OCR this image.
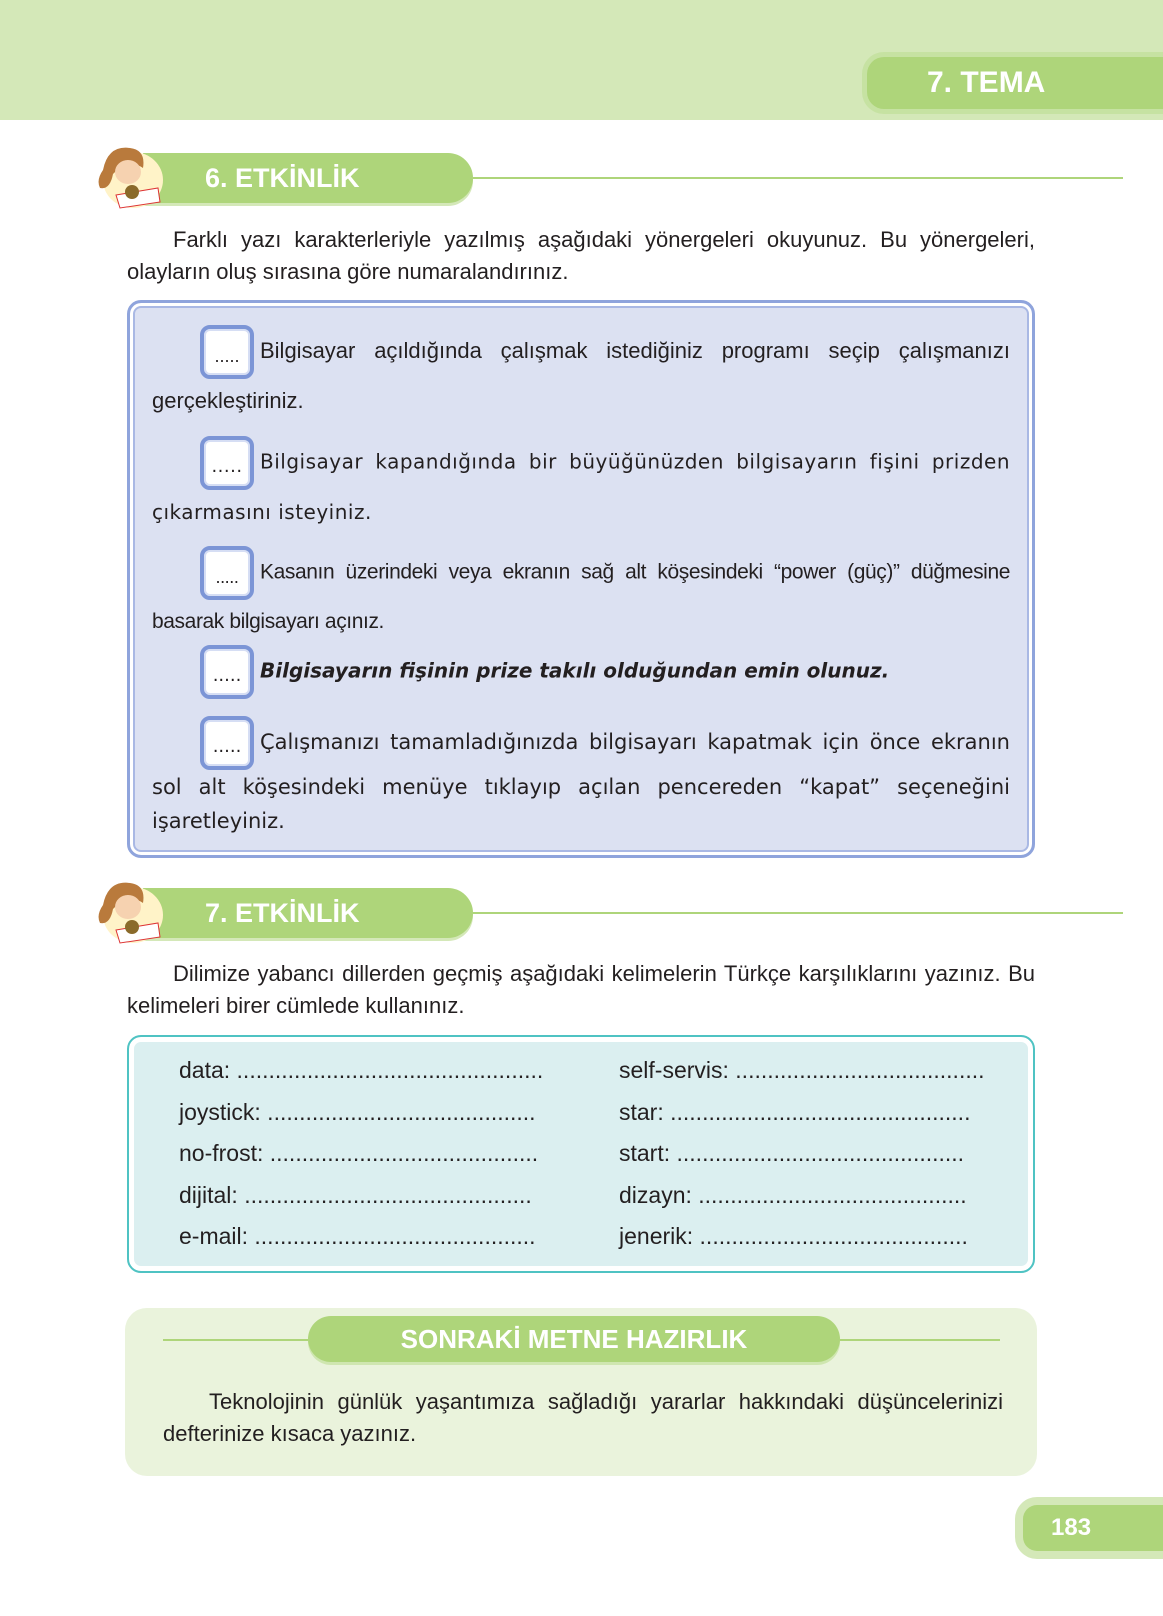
7. TEMA
6. ETKİNLİK
Farklı yazı karakterleriyle yazılmış aşağıdaki yönergeleri okuyunuz. Bu yönergeleri, olayların oluş sırasına göre numaralandırınız.
..... Bilgisayar açıldığında çalışmak istediğiniz programı seçip çalışmanızı gerçekleştiriniz.
..... Bilgisayar kapandığında bir büyüğünüzden bilgisayarın fişini prizden çıkarmasını isteyiniz.
..... Kasanın üzerindeki veya ekranın sağ alt köşesindeki “power (güç)” düğmesine basarak bilgisayarı açınız.
..... Bilgisayarın fişinin prize takılı olduğundan emin olunuz.
..... Çalışmanızı tamamladığınızda bilgisayarı kapatmak için önce ekranın sol alt köşesindeki menüye tıklayıp açılan pencereden “kapat” seçeneğini işaretleyiniz.
7. ETKİNLİK
Dilimize yabancı dillerden geçmiş aşağıdaki kelimelerin Türkçe karşılıklarını yazınız. Bu kelimeleri birer cümlede kullanınız.
data: ................................................
joystick: ..........................................
no-frost: ..........................................
dijital: .............................................
e-mail: ............................................
self-servis: .......................................
star: ...............................................
start: .............................................
dizayn: ..........................................
jenerik: ..........................................
SONRAKİ METNE HAZIRLIK
Teknolojinin günlük yaşantımıza sağladığı yararlar hakkındaki düşüncelerinizi defterinize kısaca yazınız.
183
